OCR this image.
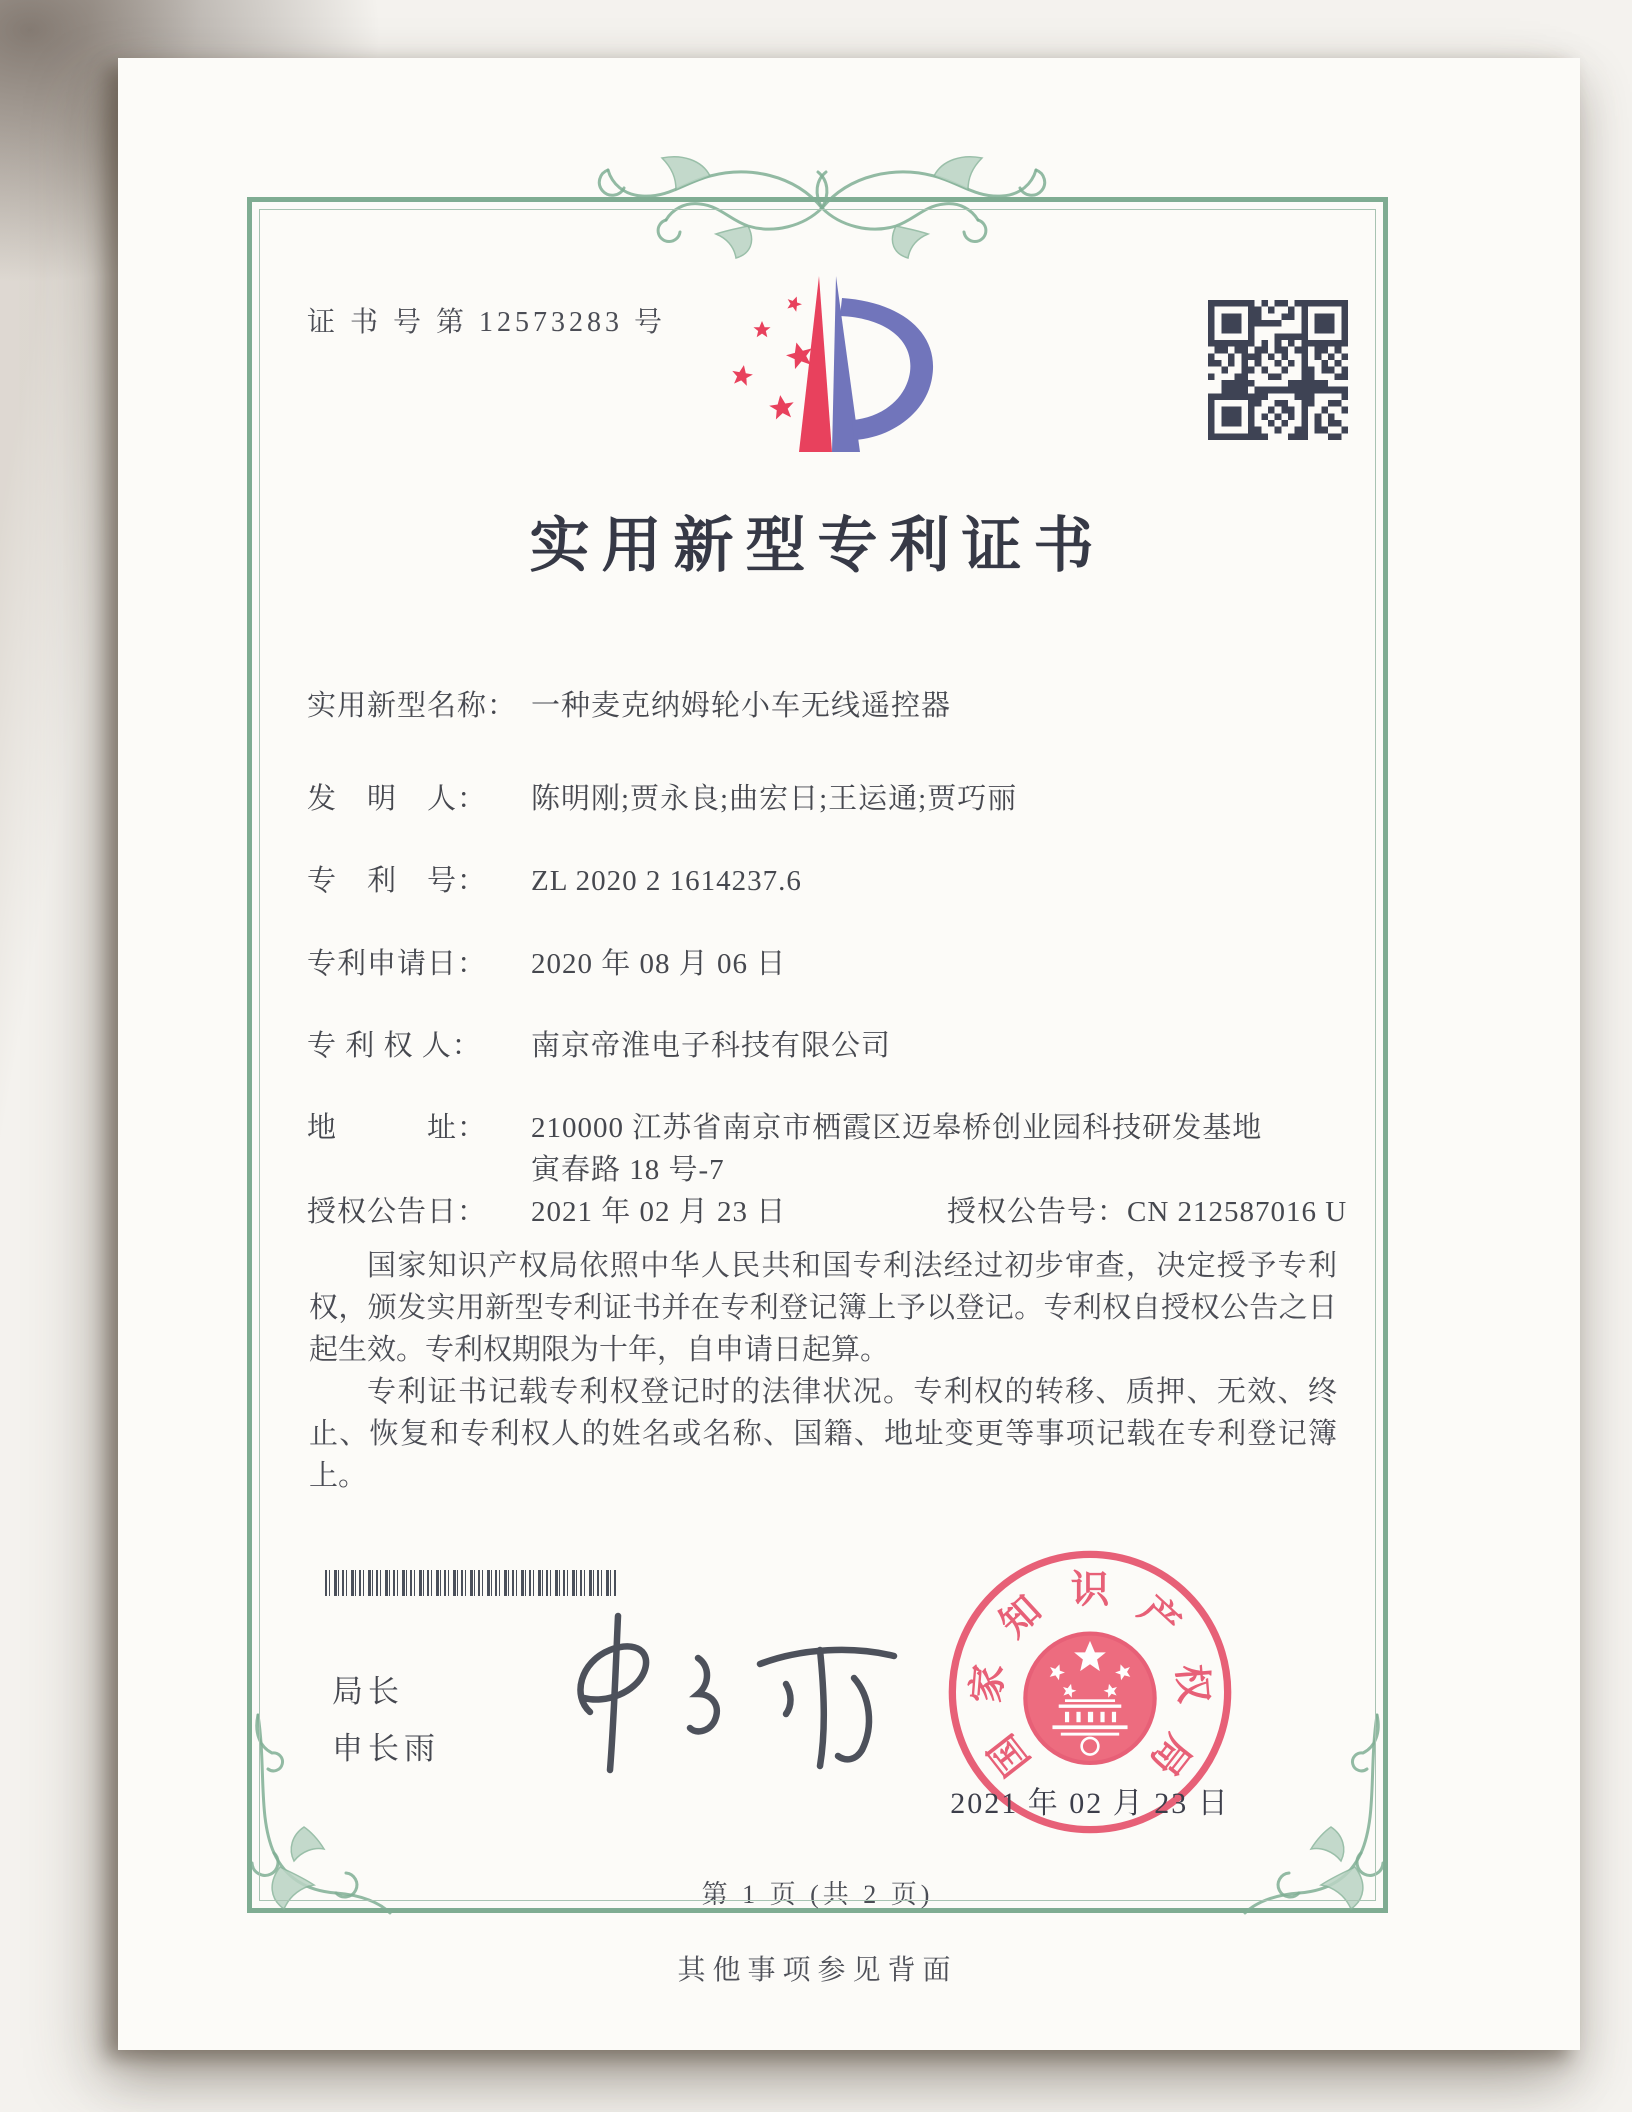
证 书 号 第 12573283 号
实用新型专利证书
实用新型名称： 一种麦克纳姆轮小车无线遥控器
发　明　人： 陈明刚;贾永良;曲宏日;王运通;贾巧丽
专　利　号： ZL 2020 2 1614237.6
专利申请日： 2020 年 08 月 06 日
专 利 权 人： 南京帝淮电子科技有限公司
地　　　址： 210000 江苏省南京市栖霞区迈皋桥创业园科技研发基地
寅春路 18 号-7
授权公告日： 2021 年 02 月 23 日	授权公告号：CN 212587016 U

国家知识产权局依照中华人民共和国专利法经过初步审查，决定授予专利权，颁发实用新型专利证书并在专利登记簿上予以登记。专利权自授权公告之日起生效。专利权期限为十年，自申请日起算。

专利证书记载专利权登记时的法律状况。专利权的转移、质押、无效、终止、恢复和专利权人的姓名或名称、国籍、地址变更等事项记载在专利登记簿上。

局长
申长雨	国
家
知 识 产
权
局
2021 年 02 月 23 日
第 1 页 (共 2 页)
其他事项参见背面
